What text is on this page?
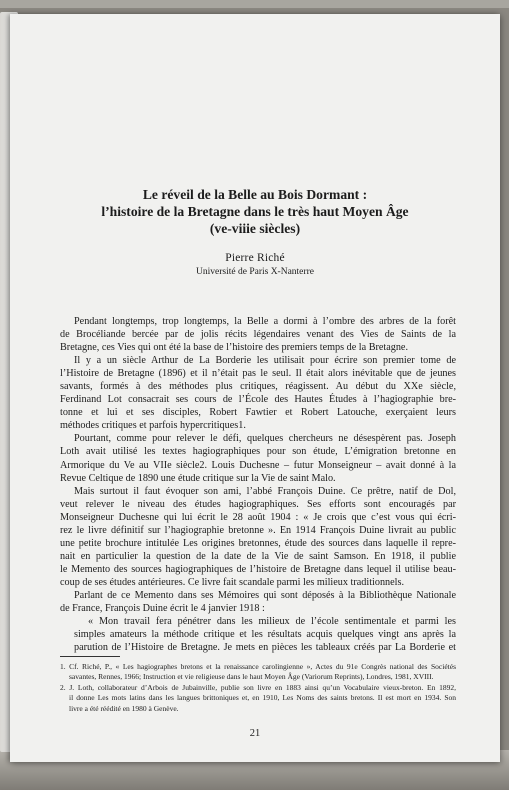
Le réveil de la Belle au Bois Dormant :
l’histoire de la Bretagne dans le très haut Moyen Âge
(ve-viiie siècles)
Pierre Riché
Université de Paris X-Nanterre
Pendant longtemps, trop longtemps, la Belle a dormi à l’ombre des arbres de la forêt
de Brocéliande bercée par de jolis récits légendaires venant des Vies de Saints de la
Bretagne, ces Vies qui ont été la base de l’histoire des premiers temps de la Bretagne.
Il y a un siècle Arthur de La Borderie les utilisait pour écrire son premier tome de
l’Histoire de Bretagne (1896) et il n’était pas le seul. Il était alors inévitable que de jeunes
savants, formés à des méthodes plus critiques, réagissent. Au début du XXe siècle,
Ferdinand Lot consacrait ses cours de l’École des Hautes Études à l’hagiographie bre-
tonne et lui et ses disciples, Robert Fawtier et Robert Latouche, exerçaient leurs
méthodes critiques et parfois hypercritiques1.
Pourtant, comme pour relever le défi, quelques chercheurs ne désespèrent pas. Joseph
Loth avait utilisé les textes hagiographiques pour son étude, L’émigration bretonne en
Armorique du Ve au VIIe siècle2. Louis Duchesne – futur Monseigneur – avait donné à la
Revue Celtique de 1890 une étude critique sur la Vie de saint Malo.
Mais surtout il faut évoquer son ami, l’abbé François Duine. Ce prêtre, natif de Dol,
veut relever le niveau des études hagiographiques. Ses efforts sont encouragés par
Monseigneur Duchesne qui lui écrit le 28 août 1904 : « Je crois que c’est vous qui écri-
rez le livre définitif sur l’hagiographie bretonne ». En 1914 François Duine livrait au public
une petite brochure intitulée Les origines bretonnes, étude des sources dans laquelle il repre-
nait en particulier la question de la date de la Vie de saint Samson. En 1918, il publie
le Memento des sources hagiographiques de l’histoire de Bretagne dans lequel il utilise beau-
coup de ses études antérieures. Ce livre fait scandale parmi les milieux traditionnels.
Parlant de ce Memento dans ses Mémoires qui sont déposés à la Bibliothèque Nationale
de France, François Duine écrit le 4 janvier 1918 :
« Mon travail fera pénétrer dans les milieux de l’école sentimentale et parmi les
simples amateurs la méthode critique et les résultats acquis quelques vingt ans après la
parution de l’Histoire de Bretagne. Je mets en pièces les tableaux créés par La Borderie et
1. Cf. Riché, P., « Les hagiographes bretons et la renaissance carolingienne », Actes du 91e Congrès national des Sociétés
savantes, Rennes, 1966; Instruction et vie religieuse dans le haut Moyen Âge (Variorum Reprints), Londres, 1981, XVIII.
2. J. Loth, collaborateur d’Arbois de Jubainville, publie son livre en 1883 ainsi qu’un Vocabulaire vieux-breton. En 1892,
il donne Les mots latins dans les langues brittoniques et, en 1910, Les Noms des saints bretons. Il est mort en 1934. Son
livre a été réédité en 1980 à Genève.
21
